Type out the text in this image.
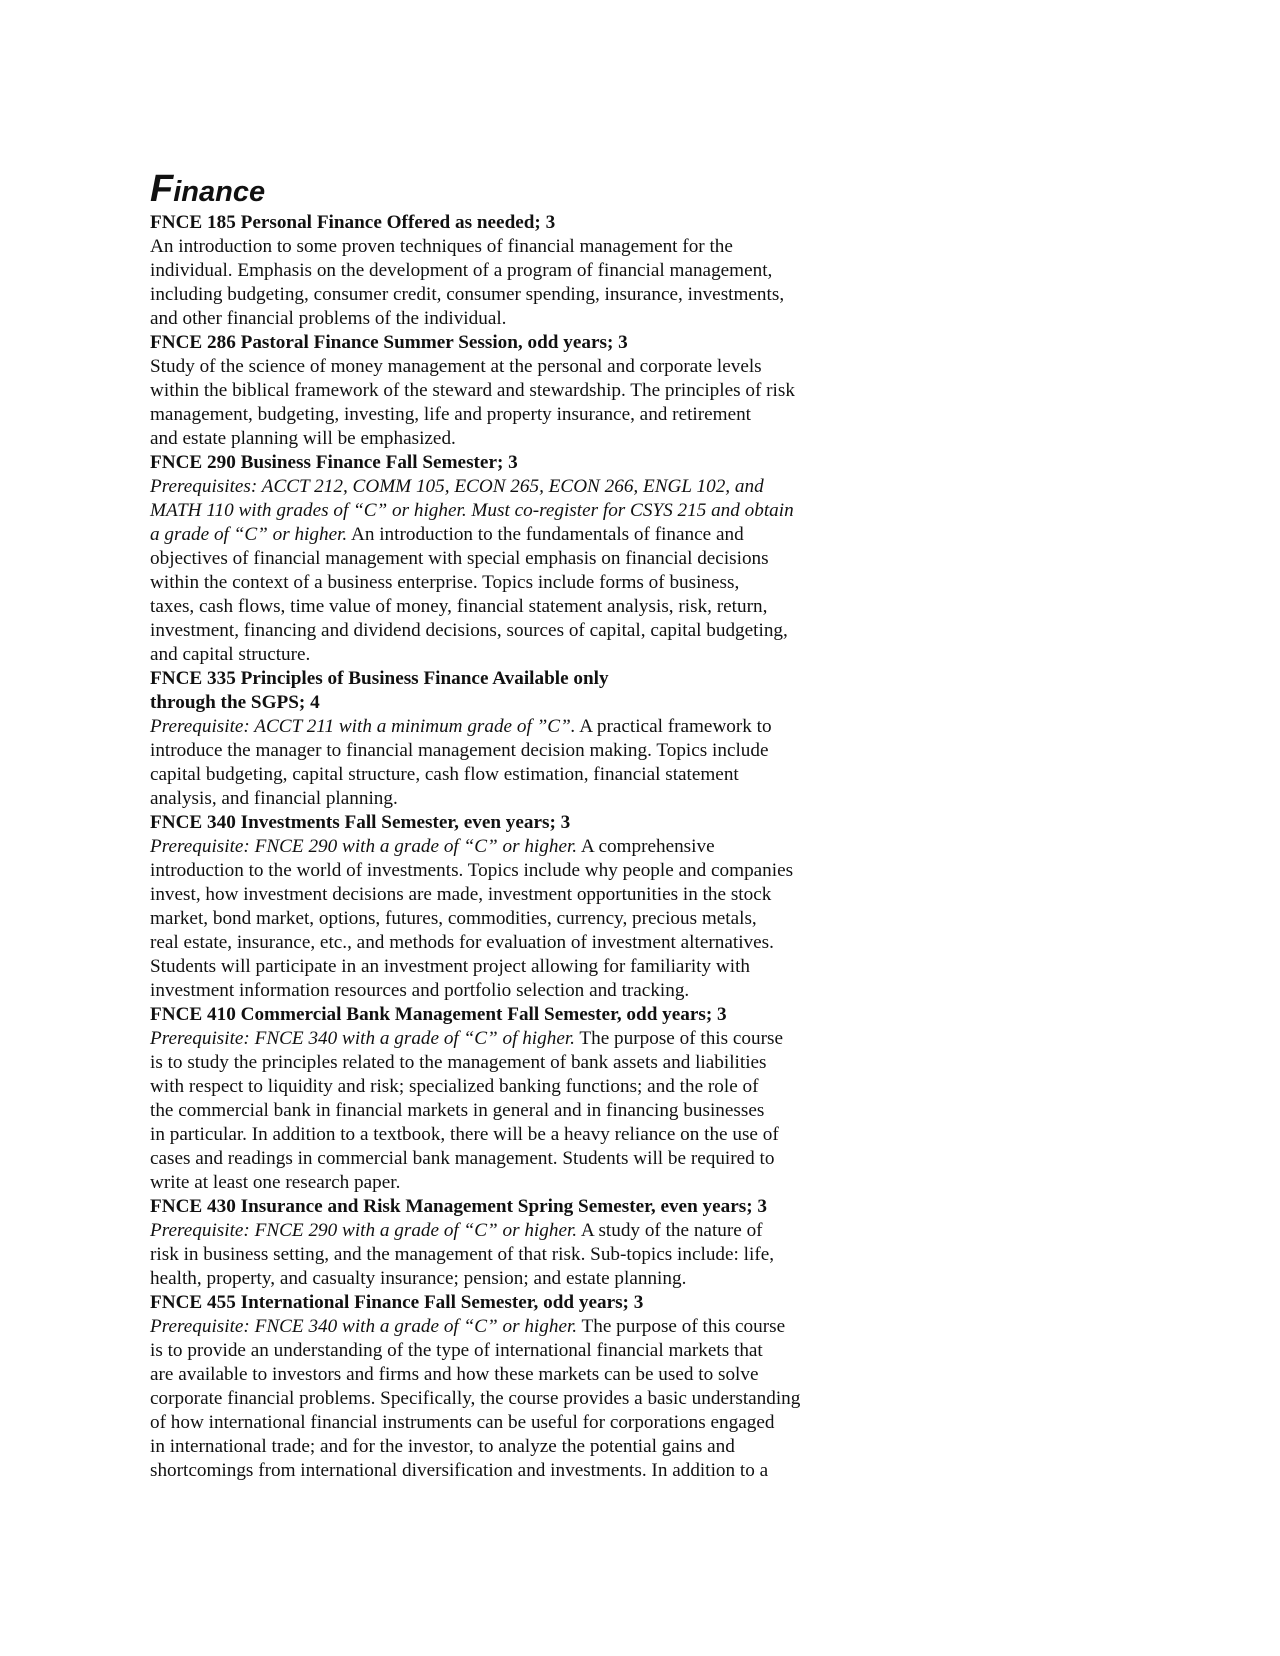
Finance
FNCE 185 Personal Finance Offered as needed; 3
An introduction to some proven techniques of financial management for the
individual. Emphasis on the development of a program of financial management,
including budgeting, consumer credit, consumer spending, insurance, investments,
and other financial problems of the individual.
FNCE 286 Pastoral Finance Summer Session, odd years; 3
Study of the science of money management at the personal and corporate levels
within the biblical framework of the steward and stewardship. The principles of risk
management, budgeting, investing, life and property insurance, and retirement
and estate planning will be emphasized.
FNCE 290 Business Finance Fall Semester; 3
Prerequisites: ACCT 212, COMM 105, ECON 265, ECON 266, ENGL 102, and
MATH 110 with grades of “C” or higher. Must co-register for CSYS 215 and obtain
a grade of “C” or higher. An introduction to the fundamentals of finance and
objectives of financial management with special emphasis on financial decisions
within the context of a business enterprise. Topics include forms of business,
taxes, cash flows, time value of money, financial statement analysis, risk, return,
investment, financing and dividend decisions, sources of capital, capital budgeting,
and capital structure.
FNCE 335 Principles of Business Finance Available only
through the SGPS; 4
Prerequisite: ACCT 211 with a minimum grade of ”C”. A practical framework to
introduce the manager to financial management decision making. Topics include
capital budgeting, capital structure, cash flow estimation, financial statement
analysis, and financial planning.
FNCE 340 Investments Fall Semester, even years; 3
Prerequisite: FNCE 290 with a grade of “C” or higher. A comprehensive
introduction to the world of investments. Topics include why people and companies
invest, how investment decisions are made, investment opportunities in the stock
market, bond market, options, futures, commodities, currency, precious metals,
real estate, insurance, etc., and methods for evaluation of investment alternatives.
Students will participate in an investment project allowing for familiarity with
investment information resources and portfolio selection and tracking.
FNCE 410 Commercial Bank Management Fall Semester, odd years; 3
Prerequisite: FNCE 340 with a grade of “C” of higher. The purpose of this course
is to study the principles related to the management of bank assets and liabilities
with respect to liquidity and risk; specialized banking functions; and the role of
the commercial bank in financial markets in general and in financing businesses
in particular. In addition to a textbook, there will be a heavy reliance on the use of
cases and readings in commercial bank management. Students will be required to
write at least one research paper.
FNCE 430 Insurance and Risk Management Spring Semester, even years; 3
Prerequisite: FNCE 290 with a grade of “C” or higher. A study of the nature of
risk in business setting, and the management of that risk. Sub-topics include: life,
health, property, and casualty insurance; pension; and estate planning.
FNCE 455 International Finance Fall Semester, odd years; 3
Prerequisite: FNCE 340 with a grade of “C” or higher. The purpose of this course
is to provide an understanding of the type of international financial markets that
are available to investors and firms and how these markets can be used to solve
corporate financial problems. Specifically, the course provides a basic understanding
of how international financial instruments can be useful for corporations engaged
in international trade; and for the investor, to analyze the potential gains and
shortcomings from international diversification and investments. In addition to a
